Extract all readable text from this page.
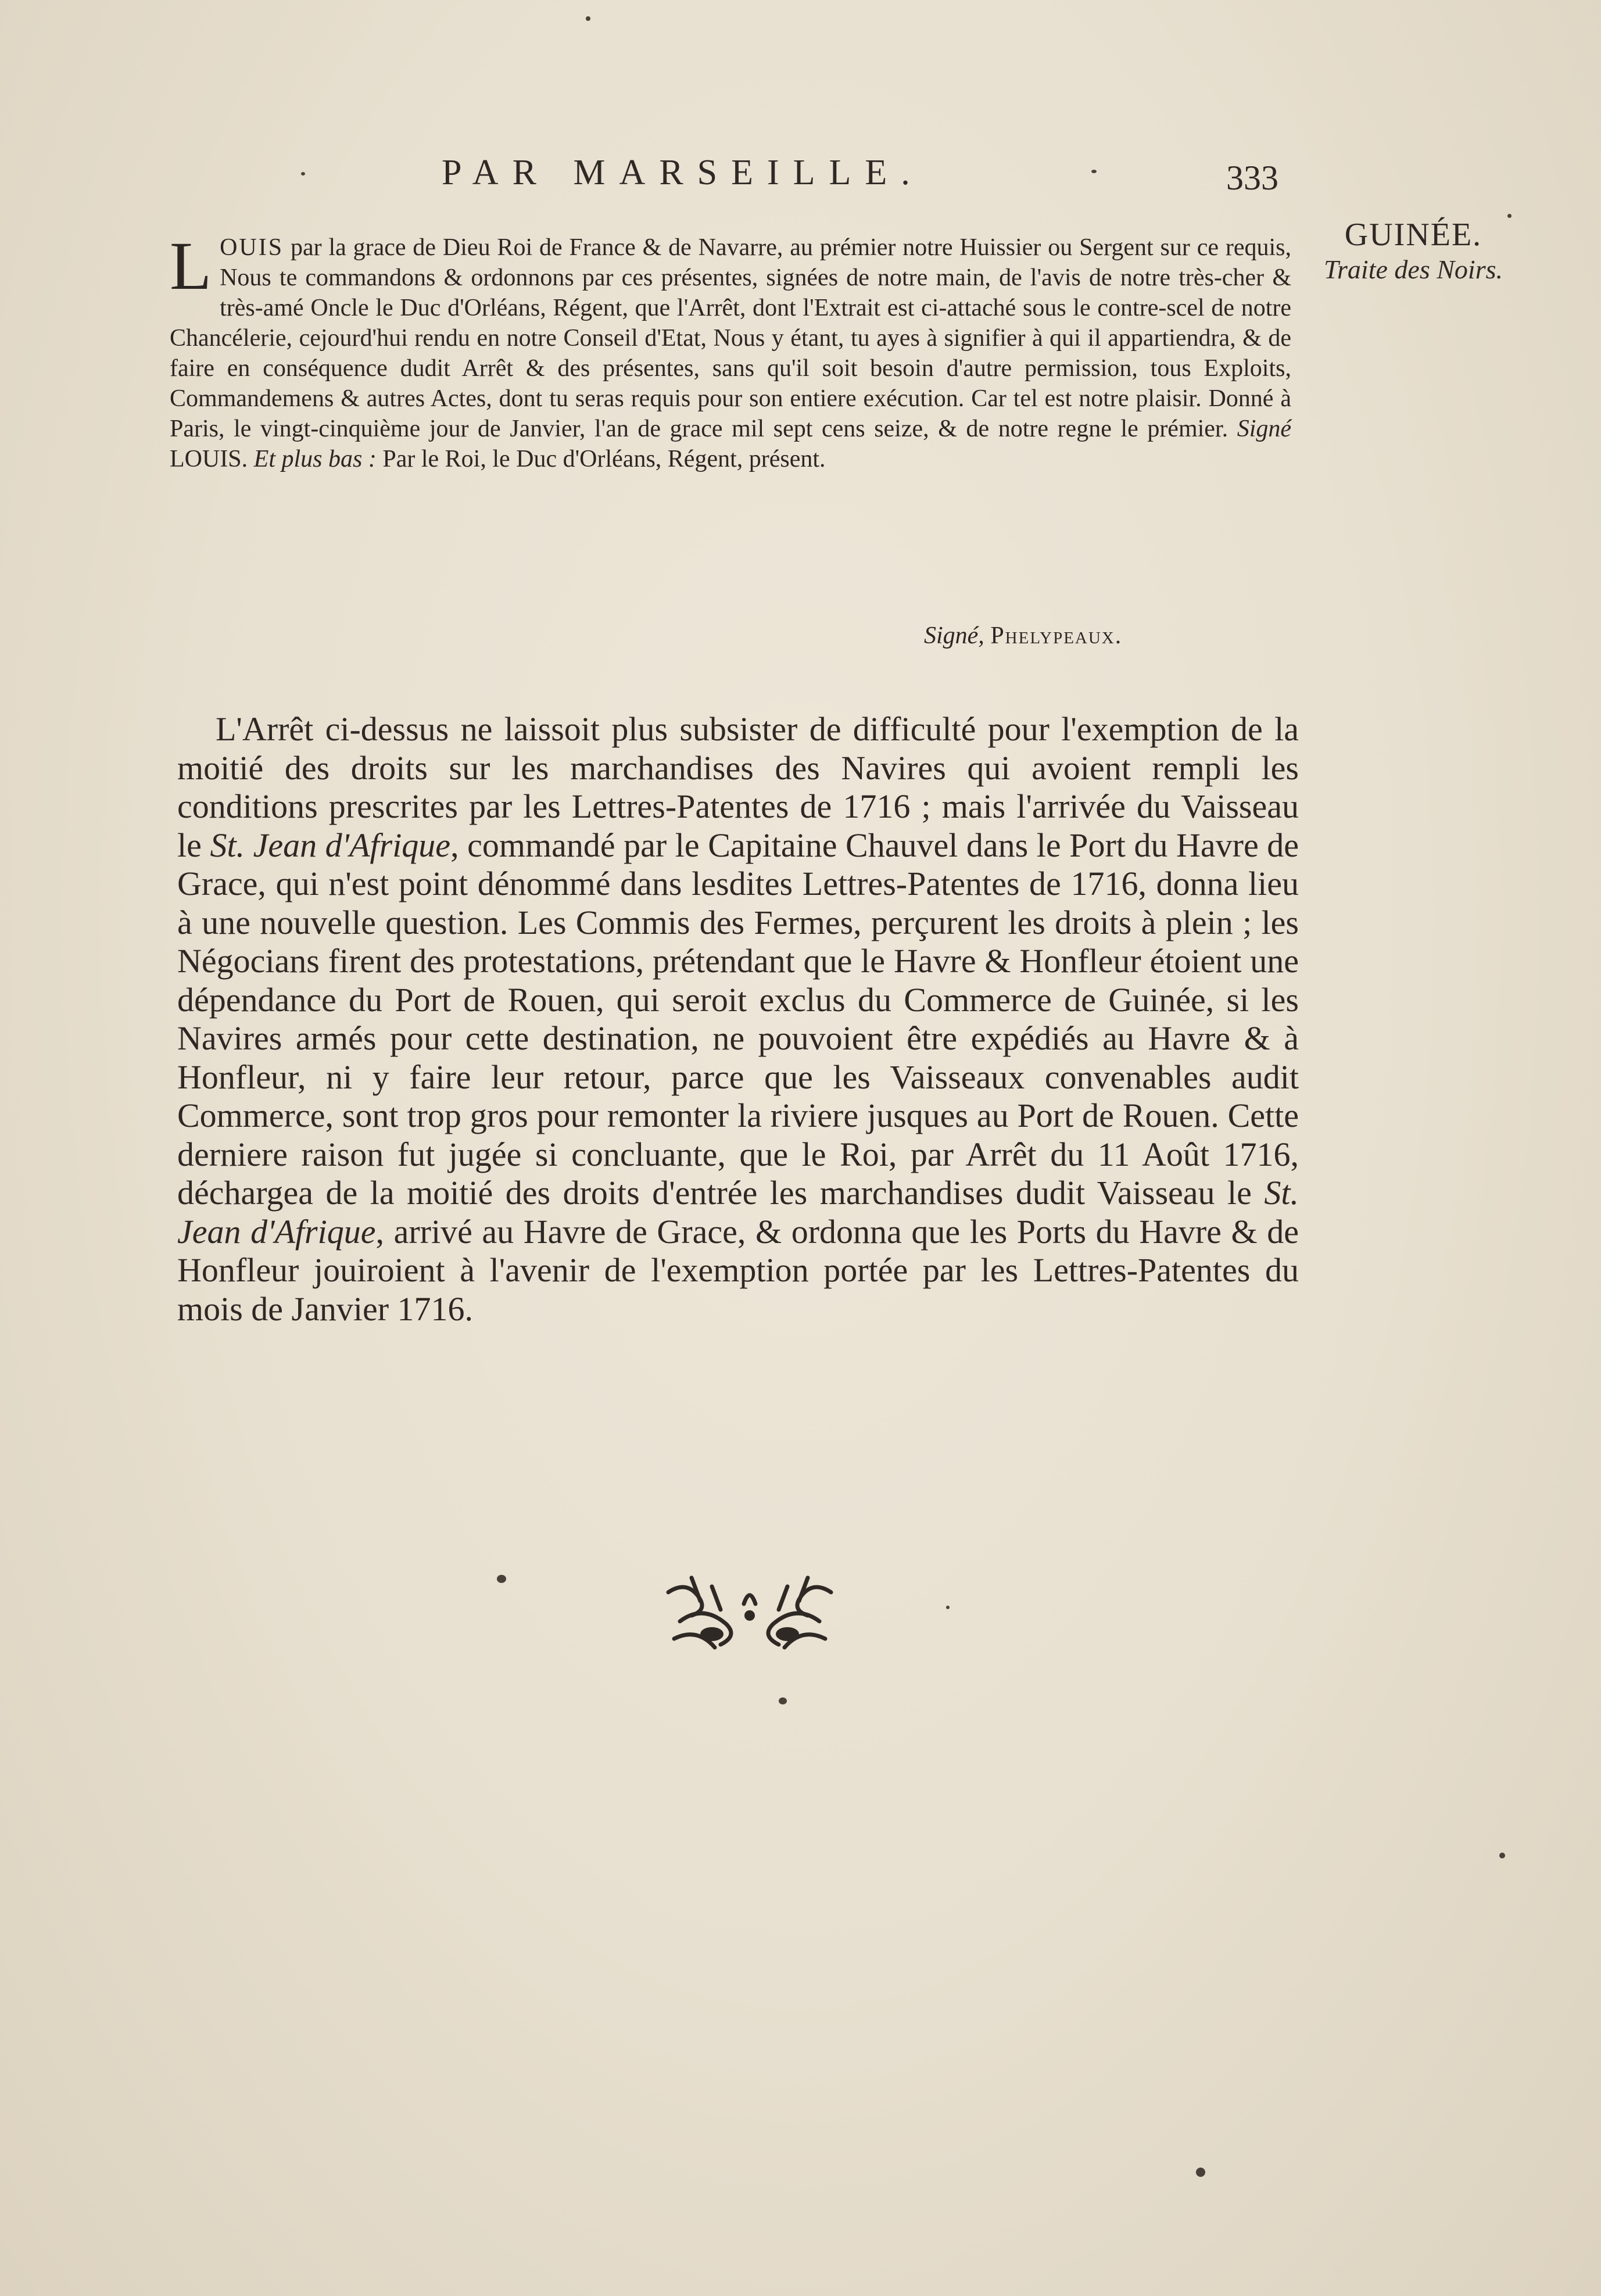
PAR MARSEILLE.	333
GUINÉE.
Traite des Noirs.
LOUIS par la grace de Dieu Roi de France & de Navarre, au prémier notre Huissier ou Sergent sur ce requis, Nous te commandons & ordonnons par ces présentes, signées de notre main, de l'avis de notre très-cher & très-amé Oncle le Duc d'Orléans, Régent, que l'Arrêt, dont l'Extrait est ci-attaché sous le contre-scel de notre Chancélerie, cejourd'hui rendu en notre Conseil d'Etat, Nous y étant, tu ayes à signifier à qui il appartiendra, & de faire en conséquence dudit Arrêt & des présentes, sans qu'il soit besoin d'autre permission, tous Exploits, Commandemens & autres Actes, dont tu seras requis pour son entiere exécution. Car tel est notre plaisir. Donné à Paris, le vingt-cinquième jour de Janvier, l'an de grace mil sept cens seize, & de notre regne le prémier. Signé LOUIS. Et plus bas : Par le Roi, le Duc d'Orléans, Régent, présent.
Signé, Phelypeaux.
L'Arrêt ci-dessus ne laissoit plus subsister de difficulté pour l'exemption de la moitié des droits sur les marchandises des Navires qui avoient rempli les conditions prescrites par les Lettres-Patentes de 1716 ; mais l'arrivée du Vaisseau le St. Jean d'Afrique, commandé par le Capitaine Chauvel dans le Port du Havre de Grace, qui n'est point dénommé dans lesdites Lettres-Patentes de 1716, donna lieu à une nouvelle question. Les Commis des Fermes, perçurent les droits à plein ; les Négocians firent des protestations, prétendant que le Havre & Honfleur étoient une dépendance du Port de Rouen, qui seroit exclus du Commerce de Guinée, si les Navires armés pour cette destination, ne pouvoient être expédiés au Havre & à Honfleur, ni y faire leur retour, parce que les Vaisseaux convenables audit Commerce, sont trop gros pour remonter la riviere jusques au Port de Rouen. Cette derniere raison fut jugée si concluante, que le Roi, par Arrêt du 11 Août 1716, déchargea de la moitié des droits d'entrée les marchandises dudit Vaisseau le St. Jean d'Afrique, arrivé au Havre de Grace, & ordonna que les Ports du Havre & de Honfleur jouiroient à l'avenir de l'exemption portée par les Lettres-Patentes du mois de Janvier 1716.
